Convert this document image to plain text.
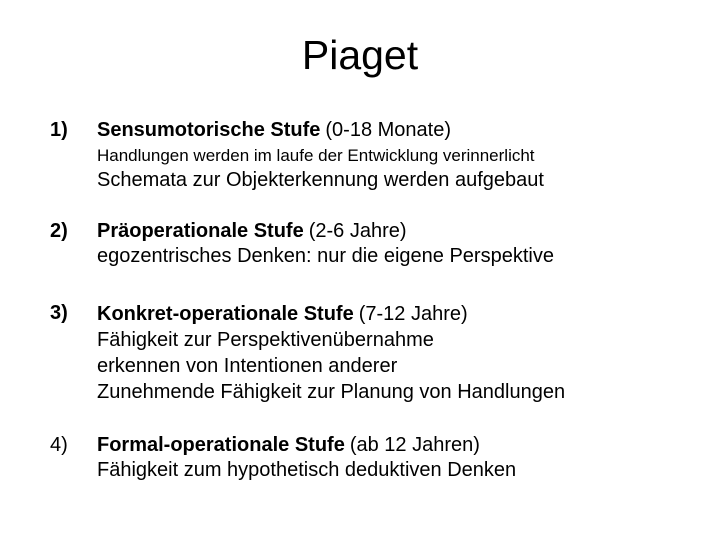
Piaget
1)	Sensumotorische Stufe (0-18 Monate)
Handlungen werden im laufe der Entwicklung verinnerlicht
Schemata zur Objekterkennung werden aufgebaut
2)	Präoperationale Stufe (2-6 Jahre)
egozentrisches Denken: nur die eigene Perspektive
3)	Konkret-operationale Stufe (7-12 Jahre)
Fähigkeit zur Perspektivenübernahme
erkennen von Intentionen anderer
Zunehmende Fähigkeit zur Planung von Handlungen
4)	Formal-operationale Stufe (ab 12 Jahren)
Fähigkeit zum hypothetisch deduktiven Denken
